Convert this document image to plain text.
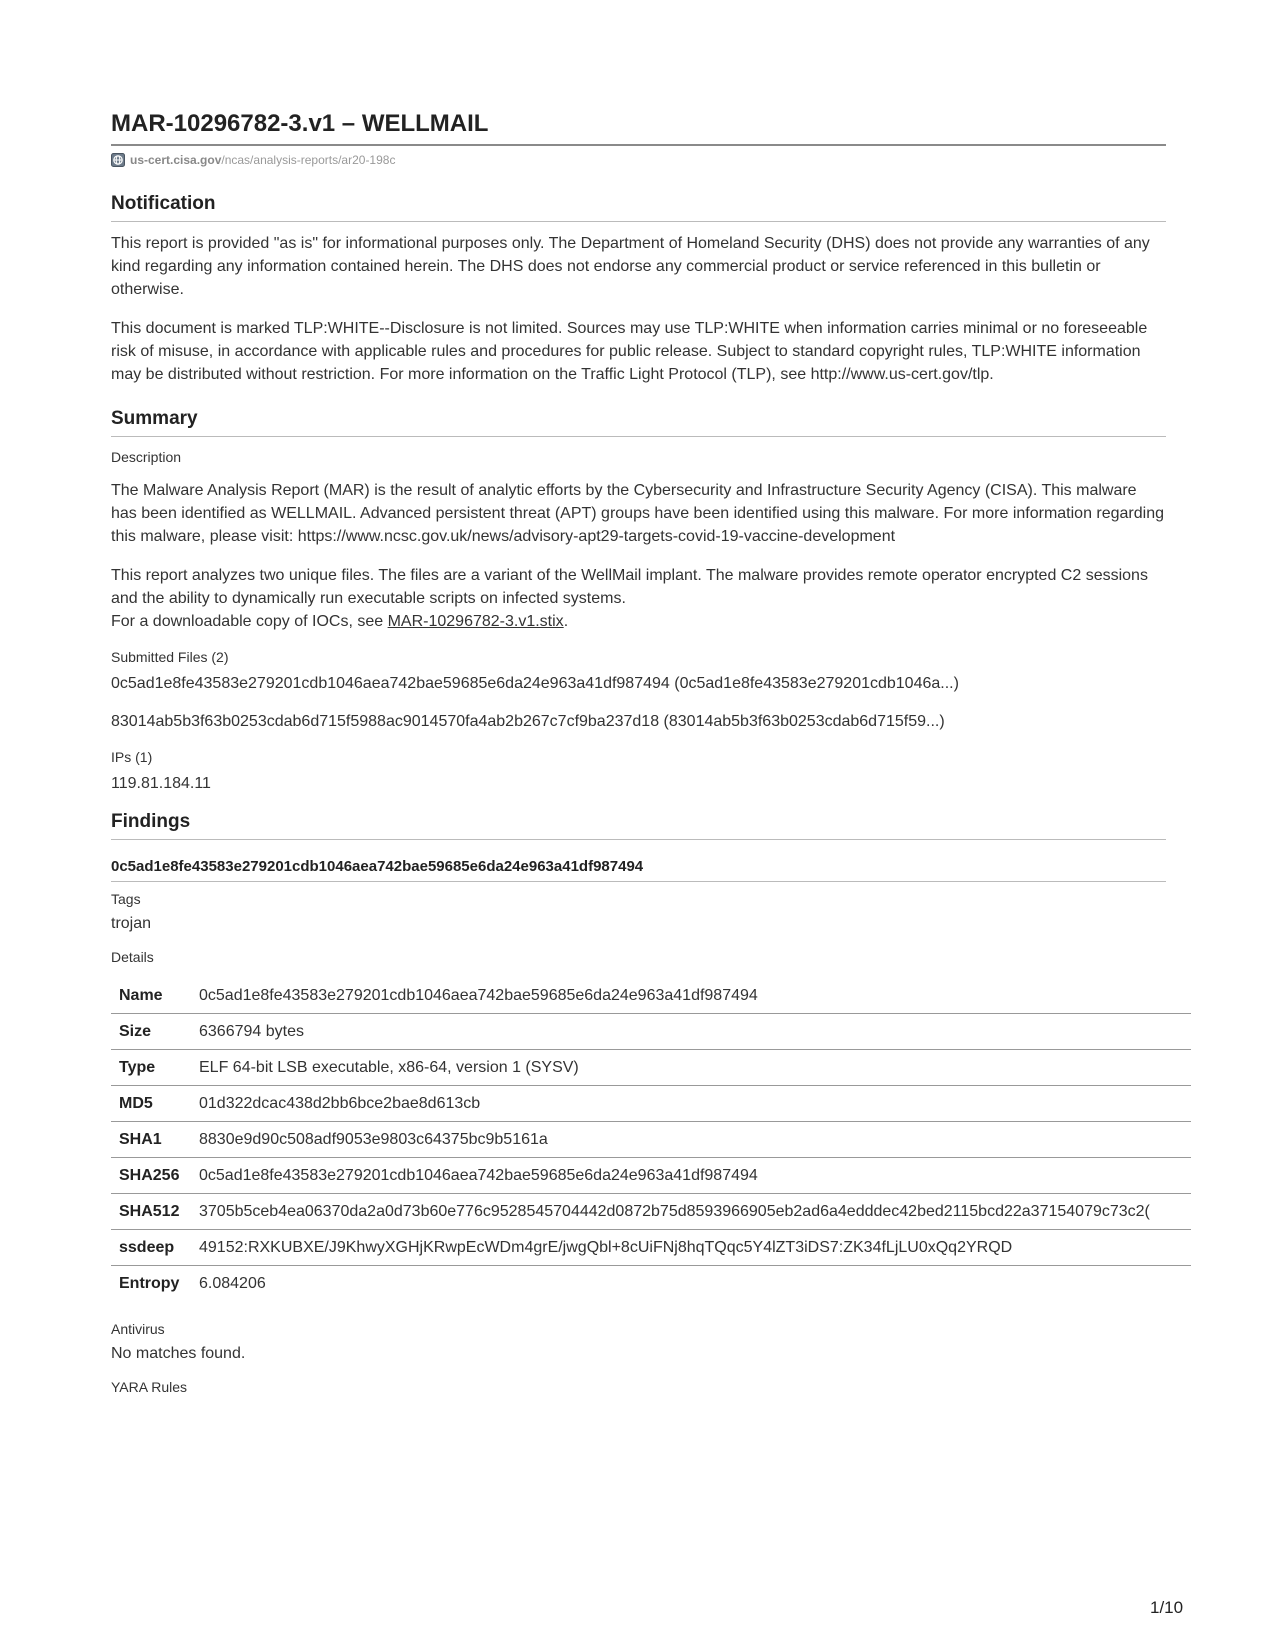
MAR-10296782-3.v1 – WELLMAIL
us-cert.cisa.gov /ncas/analysis-reports/ar20-198c
Notification

This report is provided "as is" for informational purposes only. The Department of Homeland Security (DHS) does not provide any warranties of any kind regarding any information contained herein. The DHS does not endorse any commercial product or service referenced in this bulletin or otherwise.

This document is marked TLP:WHITE--Disclosure is not limited. Sources may use TLP:WHITE when information carries minimal or no foreseeable risk of misuse, in accordance with applicable rules and procedures for public release. Subject to standard copyright rules, TLP:WHITE information may be distributed without restriction. For more information on the Traffic Light Protocol (TLP), see http://www.us-cert.gov/tlp.

Summary
Description

The Malware Analysis Report (MAR) is the result of analytic efforts by the Cybersecurity and Infrastructure Security Agency (CISA). This malware has been identified as WELLMAIL. Advanced persistent threat (APT) groups have been identified using this malware. For more information regarding this malware, please visit: https://www.ncsc.gov.uk/news/advisory-apt29-targets-covid-19-vaccine-development

This report analyzes two unique files. The files are a variant of the WellMail implant. The malware provides remote operator encrypted C2 sessions and the ability to dynamically run executable scripts on infected systems.
For a downloadable copy of IOCs, see MAR-10296782-3.v1.stix.

Submitted Files (2)
0c5ad1e8fe43583e279201cdb1046aea742bae59685e6da24e963a41df987494 (0c5ad1e8fe43583e279201cdb1046a...)
83014ab5b3f63b0253cdab6d715f5988ac9014570fa4ab2b267c7cf9ba237d18 (83014ab5b3f63b0253cdab6d715f59...)
IPs (1)
119.81.184.11
Findings
0c5ad1e8fe43583e279201cdb1046aea742bae59685e6da24e963a41df987494
Tags
trojan
Details
Name	0c5ad1e8fe43583e279201cdb1046aea742bae59685e6da24e963a41df987494
Size	6366794 bytes
Type	ELF 64-bit LSB executable, x86-64, version 1 (SYSV)
MD5	01d322dcac438d2bb6bce2bae8d613cb
SHA1	8830e9d90c508adf9053e9803c64375bc9b5161a
SHA256	0c5ad1e8fe43583e279201cdb1046aea742bae59685e6da24e963a41df987494
SHA512	3705b5ceb4ea06370da2a0d73b60e776c9528545704442d0872b75d8593966905eb2ad6a4edddec42bed2115bcd22a37154079c73c2(
ssdeep	49152:RXKUBXE/J9KhwyXGHjKRwpEcWDm4grE/jwgQbl+8cUiFNj8hqTQqc5Y4lZT3iDS7:ZK34fLjLU0xQq2YRQD
Entropy	6.084206
Antivirus
No matches found.
YARA Rules
1/10
